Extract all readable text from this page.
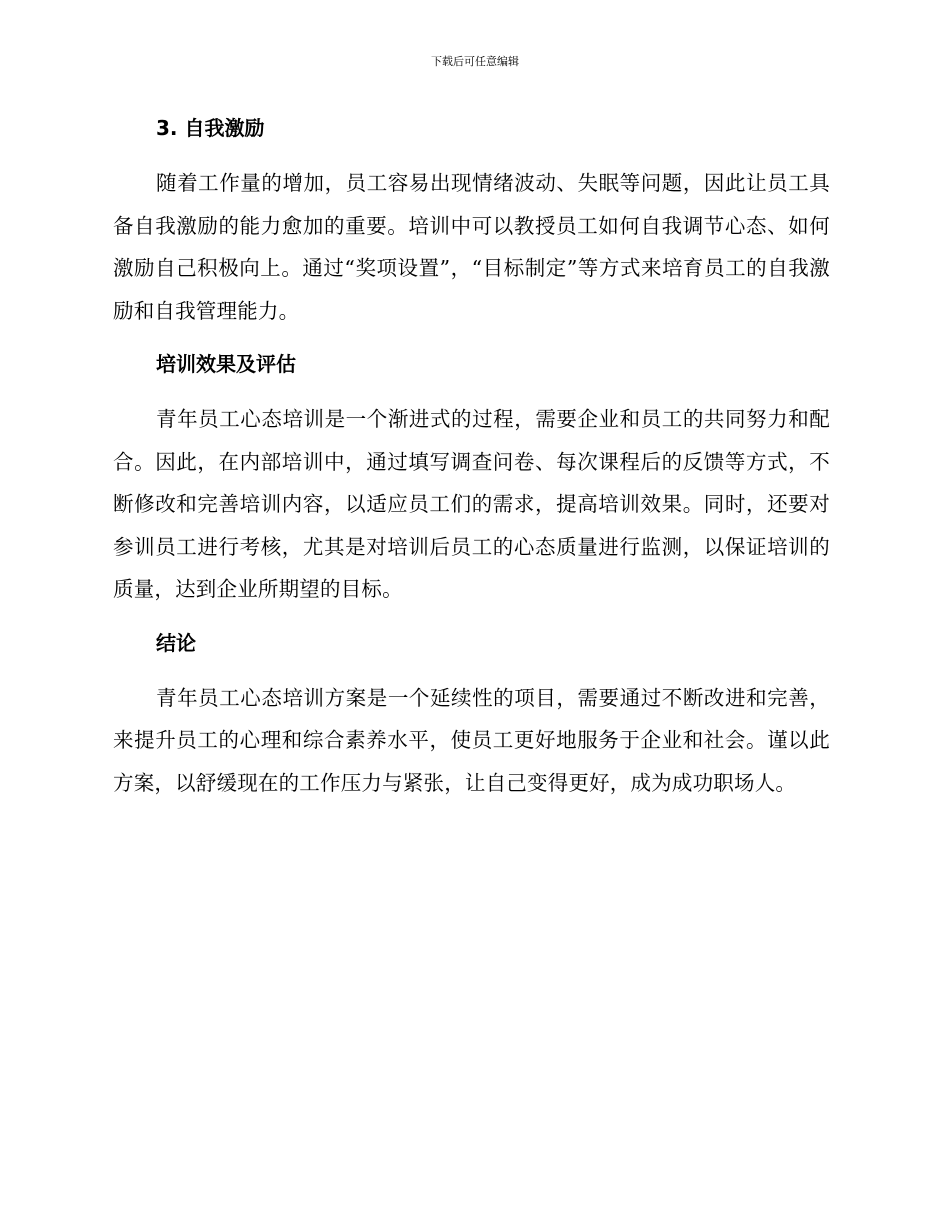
下载后可任意编辑
3. 自我激励

随着工作量的增加，员工容易出现情绪波动、失眠等问题，因此让员工具备自我激励的能力愈加的重要。培训中可以教授员工如何自我调节心态、如何激励自己积极向上。通过“奖项设置”，“目标制定”等方式来培育员工的自我激励和自我管理能力。

培训效果及评估

青年员工心态培训是一个渐进式的过程，需要企业和员工的共同努力和配合。因此，在内部培训中，通过填写调查问卷、每次课程后的反馈等方式，不断修改和完善培训内容，以适应员工们的需求，提高培训效果。同时，还要对参训员工进行考核，尤其是对培训后员工的心态质量进行监测，以保证培训的质量，达到企业所期望的目标。

结论

青年员工心态培训方案是一个延续性的项目，需要通过不断改进和完善，来提升员工的心理和综合素养水平，使员工更好地服务于企业和社会。谨以此方案，以舒缓现在的工作压力与紧张，让自己变得更好，成为成功职场人。
